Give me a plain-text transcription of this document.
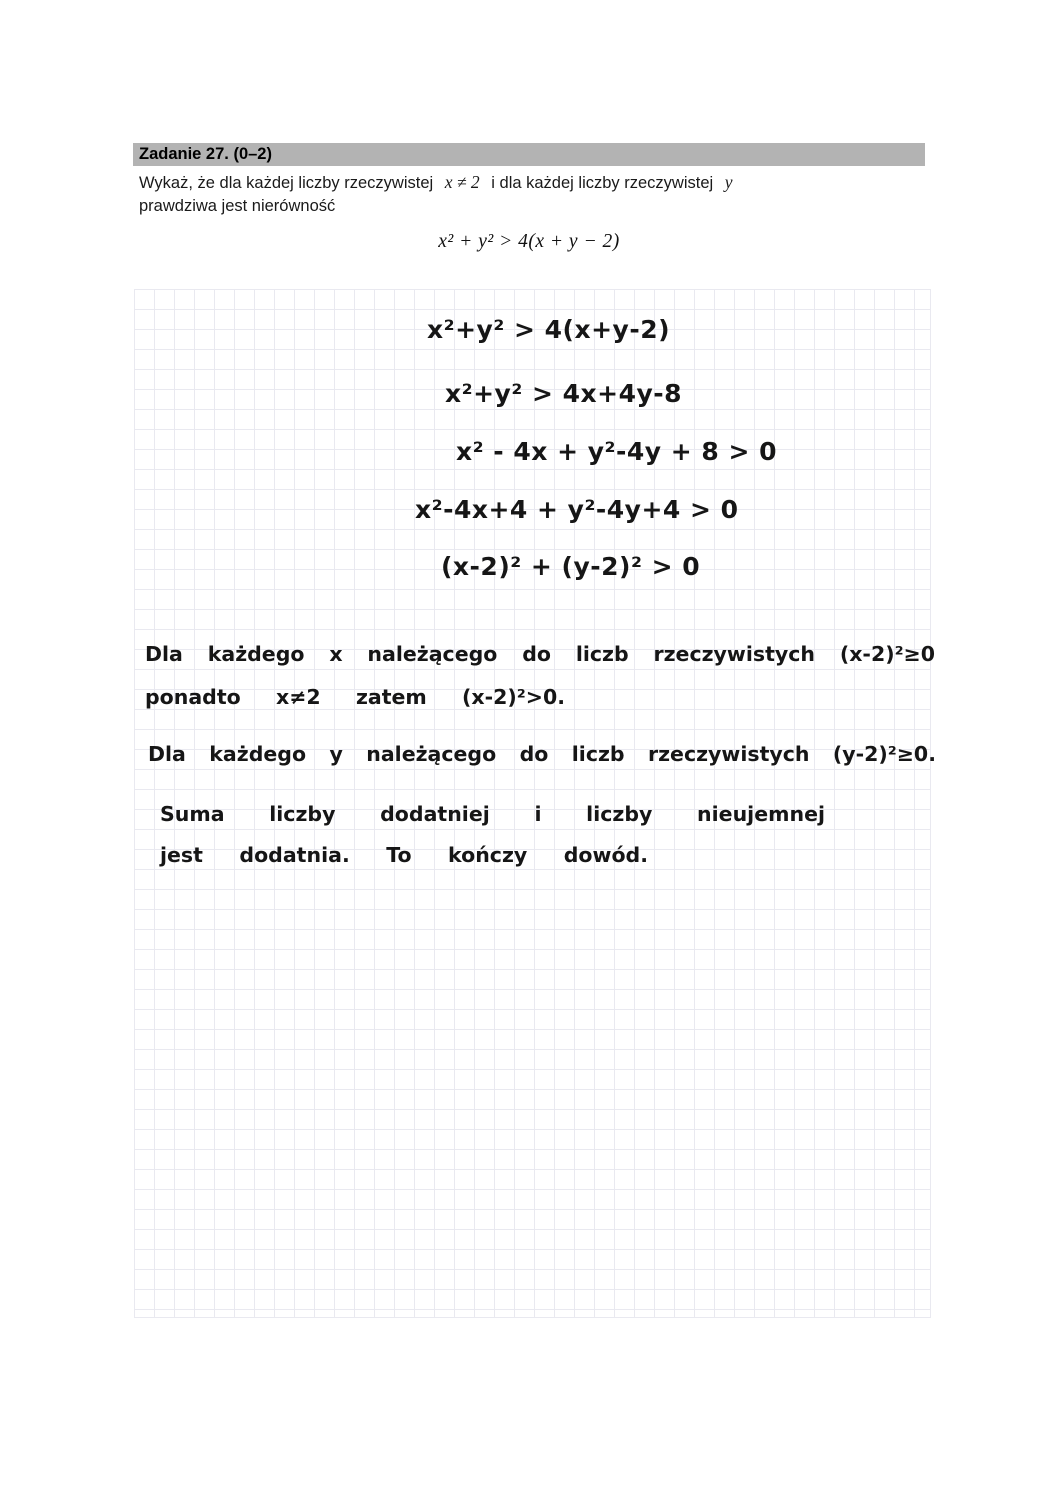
Zadanie 27. (0–2)
Wykaż, że dla każdej liczby rzeczywistej x ≠ 2 i dla każdej liczby rzeczywistej y
prawdziwa jest nierówność
x² + y² > 4(x + y − 2)
x²+y² > 4(x+y-2)
x²+y² > 4x+4y-8
x² - 4x + y²-4y + 8 > 0
x²-4x+4 + y²-4y+4 > 0
(x-2)² + (y-2)² > 0
Dla każdego x należącego do liczb rzeczywistych (x-2)²≥0
ponadto x≠2 zatem (x-2)²>0.
Dla każdego y należącego do liczb rzeczywistych (y-2)²≥0.
Suma liczby dodatniej i liczby nieujemnej
jest dodatnia. To kończy dowód.
